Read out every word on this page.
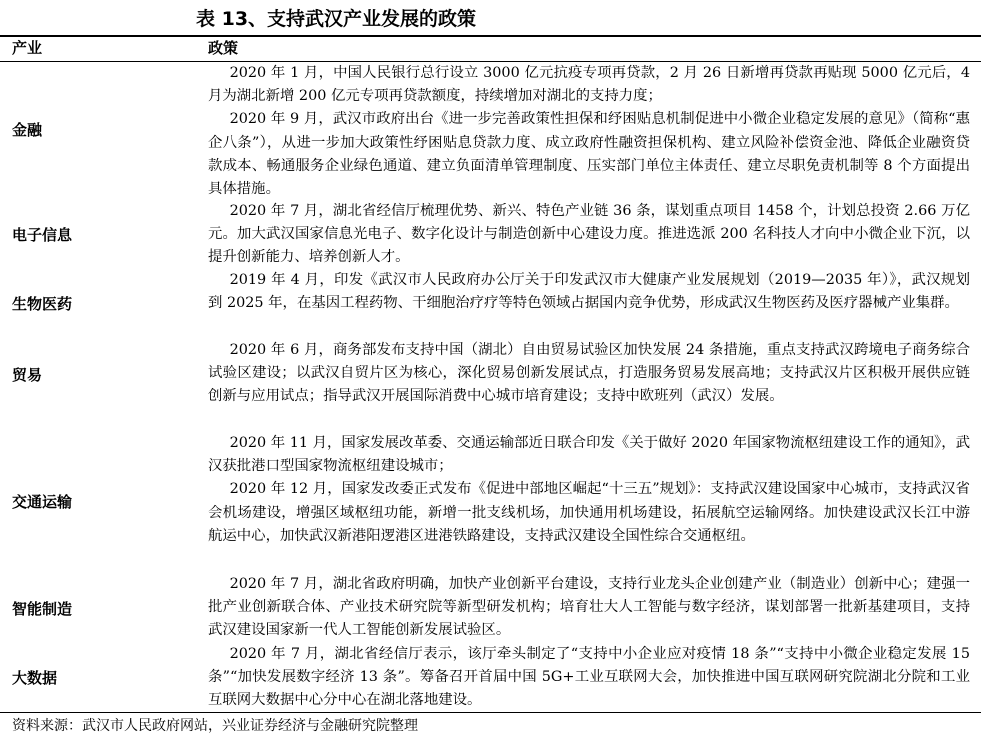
表 13、支持武汉产业发展的政策
产业	政策
金融

2020 年 1 月，中国人民银行总行设立 3000 亿元抗疫专项再贷款，2 月 26 日新增再贷款再贴现 5000 亿元后，4 月为湖北新增 200 亿元专项再贷款额度，持续增加对湖北的支持力度；

2020 年 9 月，武汉市政府出台《进一步完善政策性担保和纾困贴息机制促进中小微企业稳定发展的意见》（简称“惠企八条”），从进一步加大政策性纾困贴息贷款力度、成立政府性融资担保机构、建立风险补偿资金池、降低企业融资贷款成本、畅通服务企业绿色通道、建立负面清单管理制度、压实部门单位主体责任、建立尽职免责机制等 8 个方面提出具体措施。

电子信息

2020 年 7 月，湖北省经信厅梳理优势、新兴、特色产业链 36 条，谋划重点项目 1458 个，计划总投资 2.66 万亿元。加大武汉国家信息光电子、数字化设计与制造创新中心建设力度。推进选派 200 名科技人才向中小微企业下沉，以提升创新能力、培养创新人才。

生物医药

2019 年 4 月，印发《武汉市人民政府办公厅关于印发武汉市大健康产业发展规划（2019—2035 年）》，武汉规划到 2025 年，在基因工程药物、干细胞治疗疗等特色领域占据国内竞争优势，形成武汉生物医药及医疗器械产业集群。

贸易

2020 年 6 月，商务部发布支持中国（湖北）自由贸易试验区加快发展 24 条措施，重点支持武汉跨境电子商务综合试验区建设；以武汉自贸片区为核心，深化贸易创新发展试点，打造服务贸易发展高地；支持武汉片区积极开展供应链创新与应用试点；指导武汉开展国际消费中心城市培育建设；支持中欧班列（武汉）发展。

交通运输

2020 年 11 月，国家发展改革委、交通运输部近日联合印发《关于做好 2020 年国家物流枢纽建设工作的通知》，武汉获批港口型国家物流枢纽建设城市；

2020 年 12 月，国家发改委正式发布《促进中部地区崛起“十三五”规划》：支持武汉建设国家中心城市，支持武汉省会机场建设，增强区域枢纽功能，新增一批支线机场，加快通用机场建设，拓展航空运输网络。加快建设武汉长江中游航运中心，加快武汉新港阳逻港区进港铁路建设，支持武汉建设全国性综合交通枢纽。

智能制造

2020 年 7 月，湖北省政府明确，加快产业创新平台建设，支持行业龙头企业创建产业（制造业）创新中心；建强一批产业创新联合体、产业技术研究院等新型研发机构；培育壮大人工智能与数字经济，谋划部署一批新基建项目，支持武汉建设国家新一代人工智能创新发展试验区。

大数据

2020 年 7 月，湖北省经信厅表示，该厅牵头制定了“支持中小企业应对疫情 18 条”“支持中小微企业稳定发展 15 条”“加快发展数字经济 13 条”。筹备召开首届中国 5G+工业互联网大会，加快推进中国互联网研究院湖北分院和工业互联网大数据中心分中心在湖北落地建设。

资料来源：武汉市人民政府网站，兴业证券经济与金融研究院整理
